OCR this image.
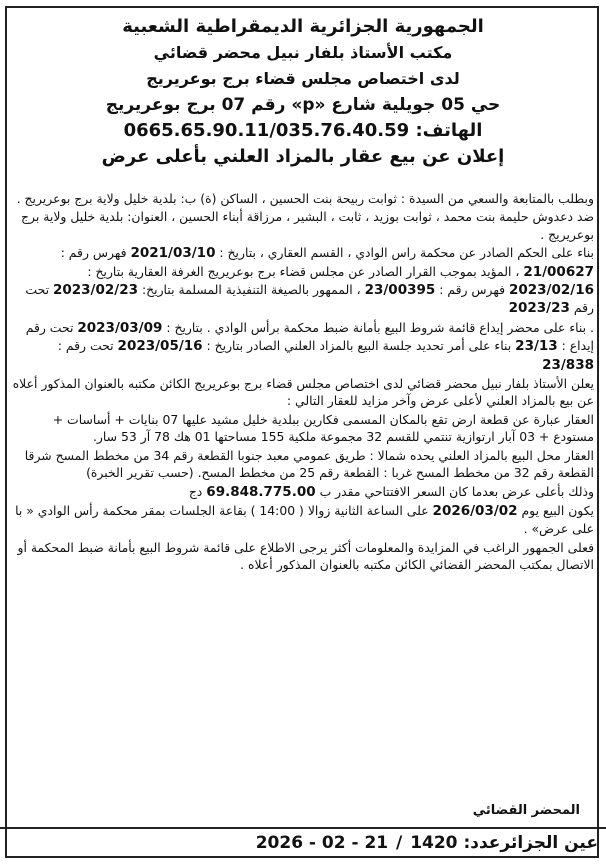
الجمهورية الجزائرية الديمقراطية الشعبية
مكتب الأستاذ بلفار نبيل محضر قضائي
لدى اختصاص مجلس قضاء برج بوعريريج
حي 05 جويلية شارع «p» رقم 07 برج بوعريريج
0665.65.90.11/035.76.40.59 :الهاتف
إعلان عن بيع عقار بالمزاد العلني بأعلى عرض

وبطلب بالمتابعة والسعي من السيدة : ثوابت ربيحة بنت الحسين ، الساكن (ة) ب: بلدية خليل ولاية برج بوعريريج .

ضد دعدوش حليمة بنت محمد ، ثوابت بوزيد ، ثابت ، البشير ، مرزاقة أبناء الحسين ، العنوان: بلدية خليل ولاية برج بوعريريج .

بناء على الحكم الصادر عن محكمة راس الوادي ، القسم العقاري ، بتاريخ : 2021/03/10 فهرس رقم : 21/00627 ، المؤيد بموجب القرار الصادر عن مجلس قضاء برج بوعريريج الغرفة العقارية بتاريخ : 2023/02/16 فهرس رقم : 23/00395 ، الممهور بالصيغة التنفيذية المسلمة بتاريخ: 2023/02/23 تحت رقم 2023/23

. بناء على محضر إيداع قائمة شروط البيع بأمانة ضبط محكمة برأس الوادي . بتاريخ : 2023/03/09 تحت رقم إيداع : 23/13 بناء على أمر تحديد جلسة البيع بالمزاد العلني الصادر بتاريخ : 2023/05/16 تحت رقم : 23/838

يعلن الأستاذ بلفار نبيل محضر قضائي لدى اختصاص مجلس قضاء برج بوعريريج الكائن مكتبه بالعنوان المذكور أعلاه عن بيع بالمزاد العلني لأعلى عرض وآخر مزايد للعقار التالي :

العقار عبارة عن قطعة ارض تقع بالمكان المسمى فكارين ببلدية خليل مشيد عليها 07 بنايات + أساسات + مستودع + 03 آبار ارتوازية تنتمي للقسم 32 مجموعة ملكية 155 مساحتها 01 هك 78 آر 53 سار.

العقار محل البيع بالمزاد العلني يحده شمالا : طريق عمومي معبد جنوبا القطعة رقم 34 من مخطط المسح شرقا القطعة رقم 32 من مخطط المسح غربا : القطعة رقم 25 من مخطط المسح. (حسب تقرير الخبرة)

وذلك بأعلى عرض بعدما كان السعر الافتتاحي مقدر ب 69.848.775.00 دج

يكون البيع يوم 2026/03/02 على الساعة الثانية زوالا ( 14:00 ) بقاعة الجلسات بمقر محكمة رأس الوادي « با على عرض» .

فعلى الجمهور الراغب في المزايدة والمعلومات أكثر يرجى الاطلاع على قائمة شروط البيع بأمانة ضبط المحكمة أو الاتصال بمكتب المحضر القضائي الكائن مكتبه بالعنوان المذكور أعلاه .

المحضر القضائي
عين الجزائرعدد: 1420 / 2026 - 02 - 21
